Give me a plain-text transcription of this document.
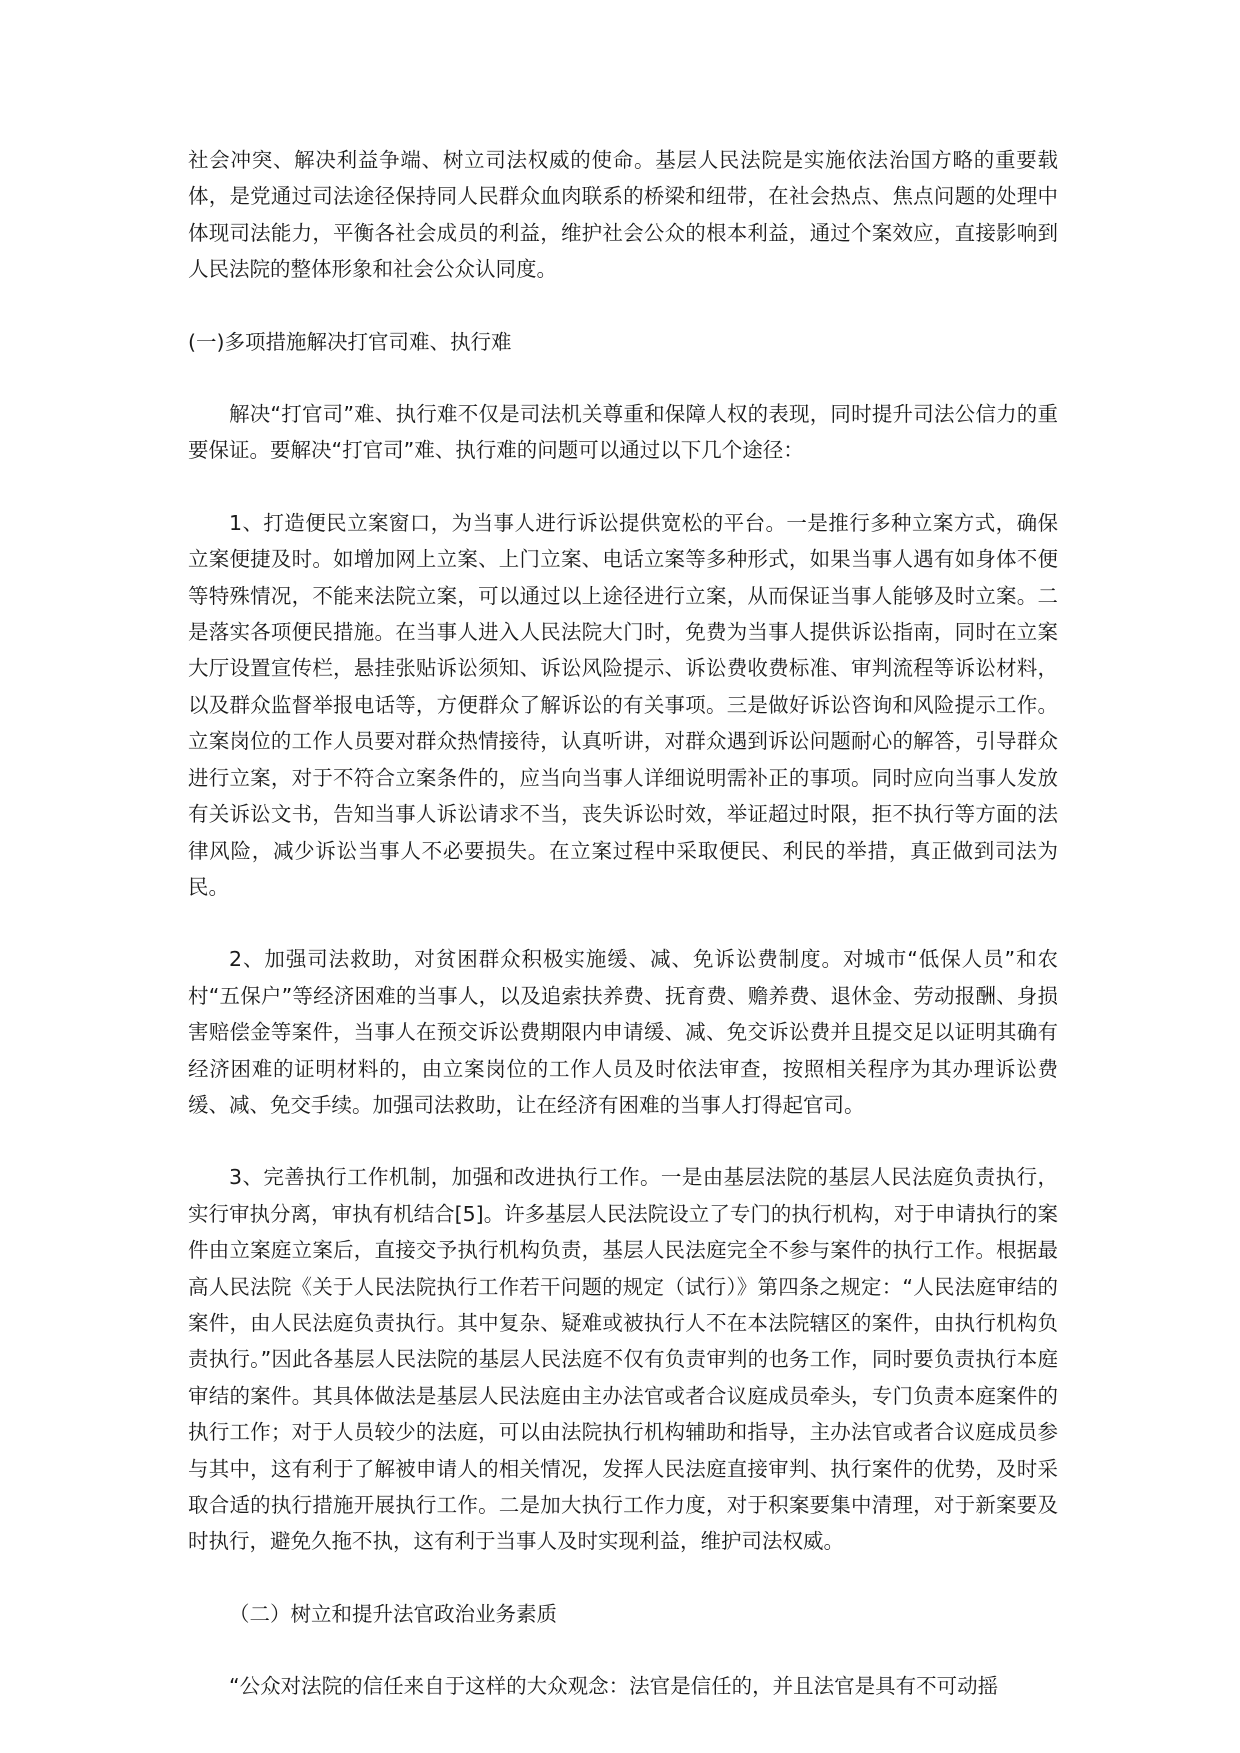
社会冲突、解决利益争端、树立司法权威的使命。基层人民法院是实施依法治国方略的重要载体，是党通过司法途径保持同人民群众血肉联系的桥梁和纽带，在社会热点、焦点问题的处理中体现司法能力，平衡各社会成员的利益，维护社会公众的根本利益，通过个案效应，直接影响到人民法院的整体形象和社会公众认同度。

(一)多项措施解决打官司难、执行难

解决“打官司”难、执行难不仅是司法机关尊重和保障人权的表现，同时提升司法公信力的重要保证。要解决“打官司”难、执行难的问题可以通过以下几个途径：

1、打造便民立案窗口，为当事人进行诉讼提供宽松的平台。一是推行多种立案方式，确保立案便捷及时。如增加网上立案、上门立案、电话立案等多种形式，如果当事人遇有如身体不便等特殊情况，不能来法院立案，可以通过以上途径进行立案，从而保证当事人能够及时立案。二是落实各项便民措施。在当事人进入人民法院大门时，免费为当事人提供诉讼指南，同时在立案大厅设置宣传栏，悬挂张贴诉讼须知、诉讼风险提示、诉讼费收费标准、审判流程等诉讼材料，以及群众监督举报电话等，方便群众了解诉讼的有关事项。三是做好诉讼咨询和风险提示工作。立案岗位的工作人员要对群众热情接待，认真听讲，对群众遇到诉讼问题耐心的解答，引导群众进行立案，对于不符合立案条件的，应当向当事人详细说明需补正的事项。同时应向当事人发放有关诉讼文书，告知当事人诉讼请求不当，丧失诉讼时效，举证超过时限，拒不执行等方面的法律风险，减少诉讼当事人不必要损失。在立案过程中采取便民、利民的举措，真正做到司法为民。

2、加强司法救助，对贫困群众积极实施缓、减、免诉讼费制度。对城市“低保人员”和农村“五保户”等经济困难的当事人，以及追索扶养费、抚育费、赡养费、退休金、劳动报酬、身损害赔偿金等案件，当事人在预交诉讼费期限内申请缓、减、免交诉讼费并且提交足以证明其确有经济困难的证明材料的，由立案岗位的工作人员及时依法审查，按照相关程序为其办理诉讼费缓、减、免交手续。加强司法救助，让在经济有困难的当事人打得起官司。

3、完善执行工作机制，加强和改进执行工作。一是由基层法院的基层人民法庭负责执行，实行审执分离，审执有机结合[5]。许多基层人民法院设立了专门的执行机构，对于申请执行的案件由立案庭立案后，直接交予执行机构负责，基层人民法庭完全不参与案件的执行工作。根据最高人民法院《关于人民法院执行工作若干问题的规定（试行）》第四条之规定：“人民法庭审结的案件，由人民法庭负责执行。其中复杂、疑难或被执行人不在本法院辖区的案件，由执行机构负责执行。”因此各基层人民法院的基层人民法庭不仅有负责审判的也务工作，同时要负责执行本庭审结的案件。其具体做法是基层人民法庭由主办法官或者合议庭成员牵头，专门负责本庭案件的执行工作；对于人员较少的法庭，可以由法院执行机构辅助和指导，主办法官或者合议庭成员参与其中，这有利于了解被申请人的相关情况，发挥人民法庭直接审判、执行案件的优势，及时采取合适的执行措施开展执行工作。二是加大执行工作力度，对于积案要集中清理，对于新案要及时执行，避免久拖不执，这有利于当事人及时实现利益，维护司法权威。

（二）树立和提升法官政治业务素质

“公众对法院的信任来自于这样的大众观念：法官是信任的，并且法官是具有不可动摇
